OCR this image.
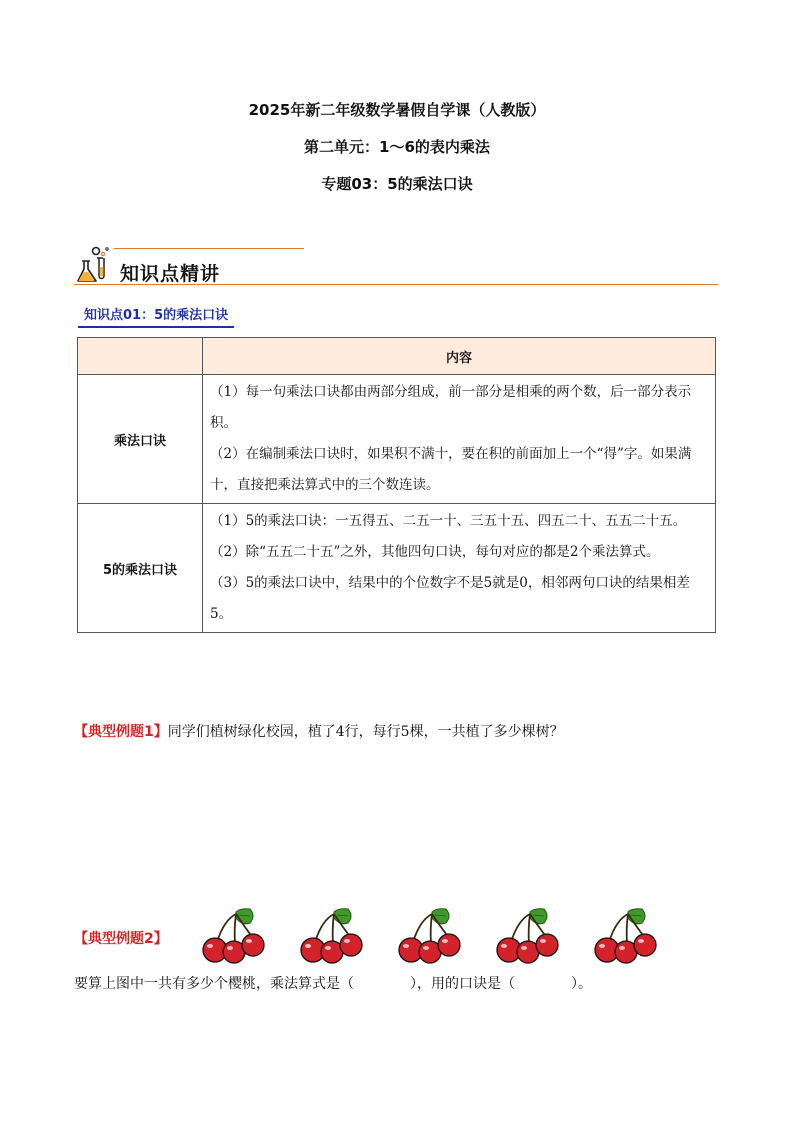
2025年新二年级数学暑假自学课（人教版）
第二单元：1～6的表内乘法
专题03：5的乘法口诀
知识点精讲
知识点01：5的乘法口诀
	内容
乘法口诀	（1）每一句乘法口诀都由两部分组成，前一部分是相乘的两个数，后一部分表示积。

（2）在编制乘法口诀时，如果积不满十，要在积的前面加上一个“得”字。如果满十，直接把乘法算式中的三个数连读。

5的乘法口诀	（1）5的乘法口诀：一五得五、二五一十、三五十五、四五二十、五五二十五。

（2）除“五五二十五”之外，其他四句口诀，每句对应的都是2个乘法算式。

（3）5的乘法口诀中，结果中的个位数字不是5就是0，相邻两句口诀的结果相差5。

【典型例题1】同学们植树绿化校园，植了4行，每行5棵，一共植了多少棵树？
【典型例题2】
要算上图中一共有多少个樱桃，乘法算式是（　　　　），用的口诀是（　　　　）。
